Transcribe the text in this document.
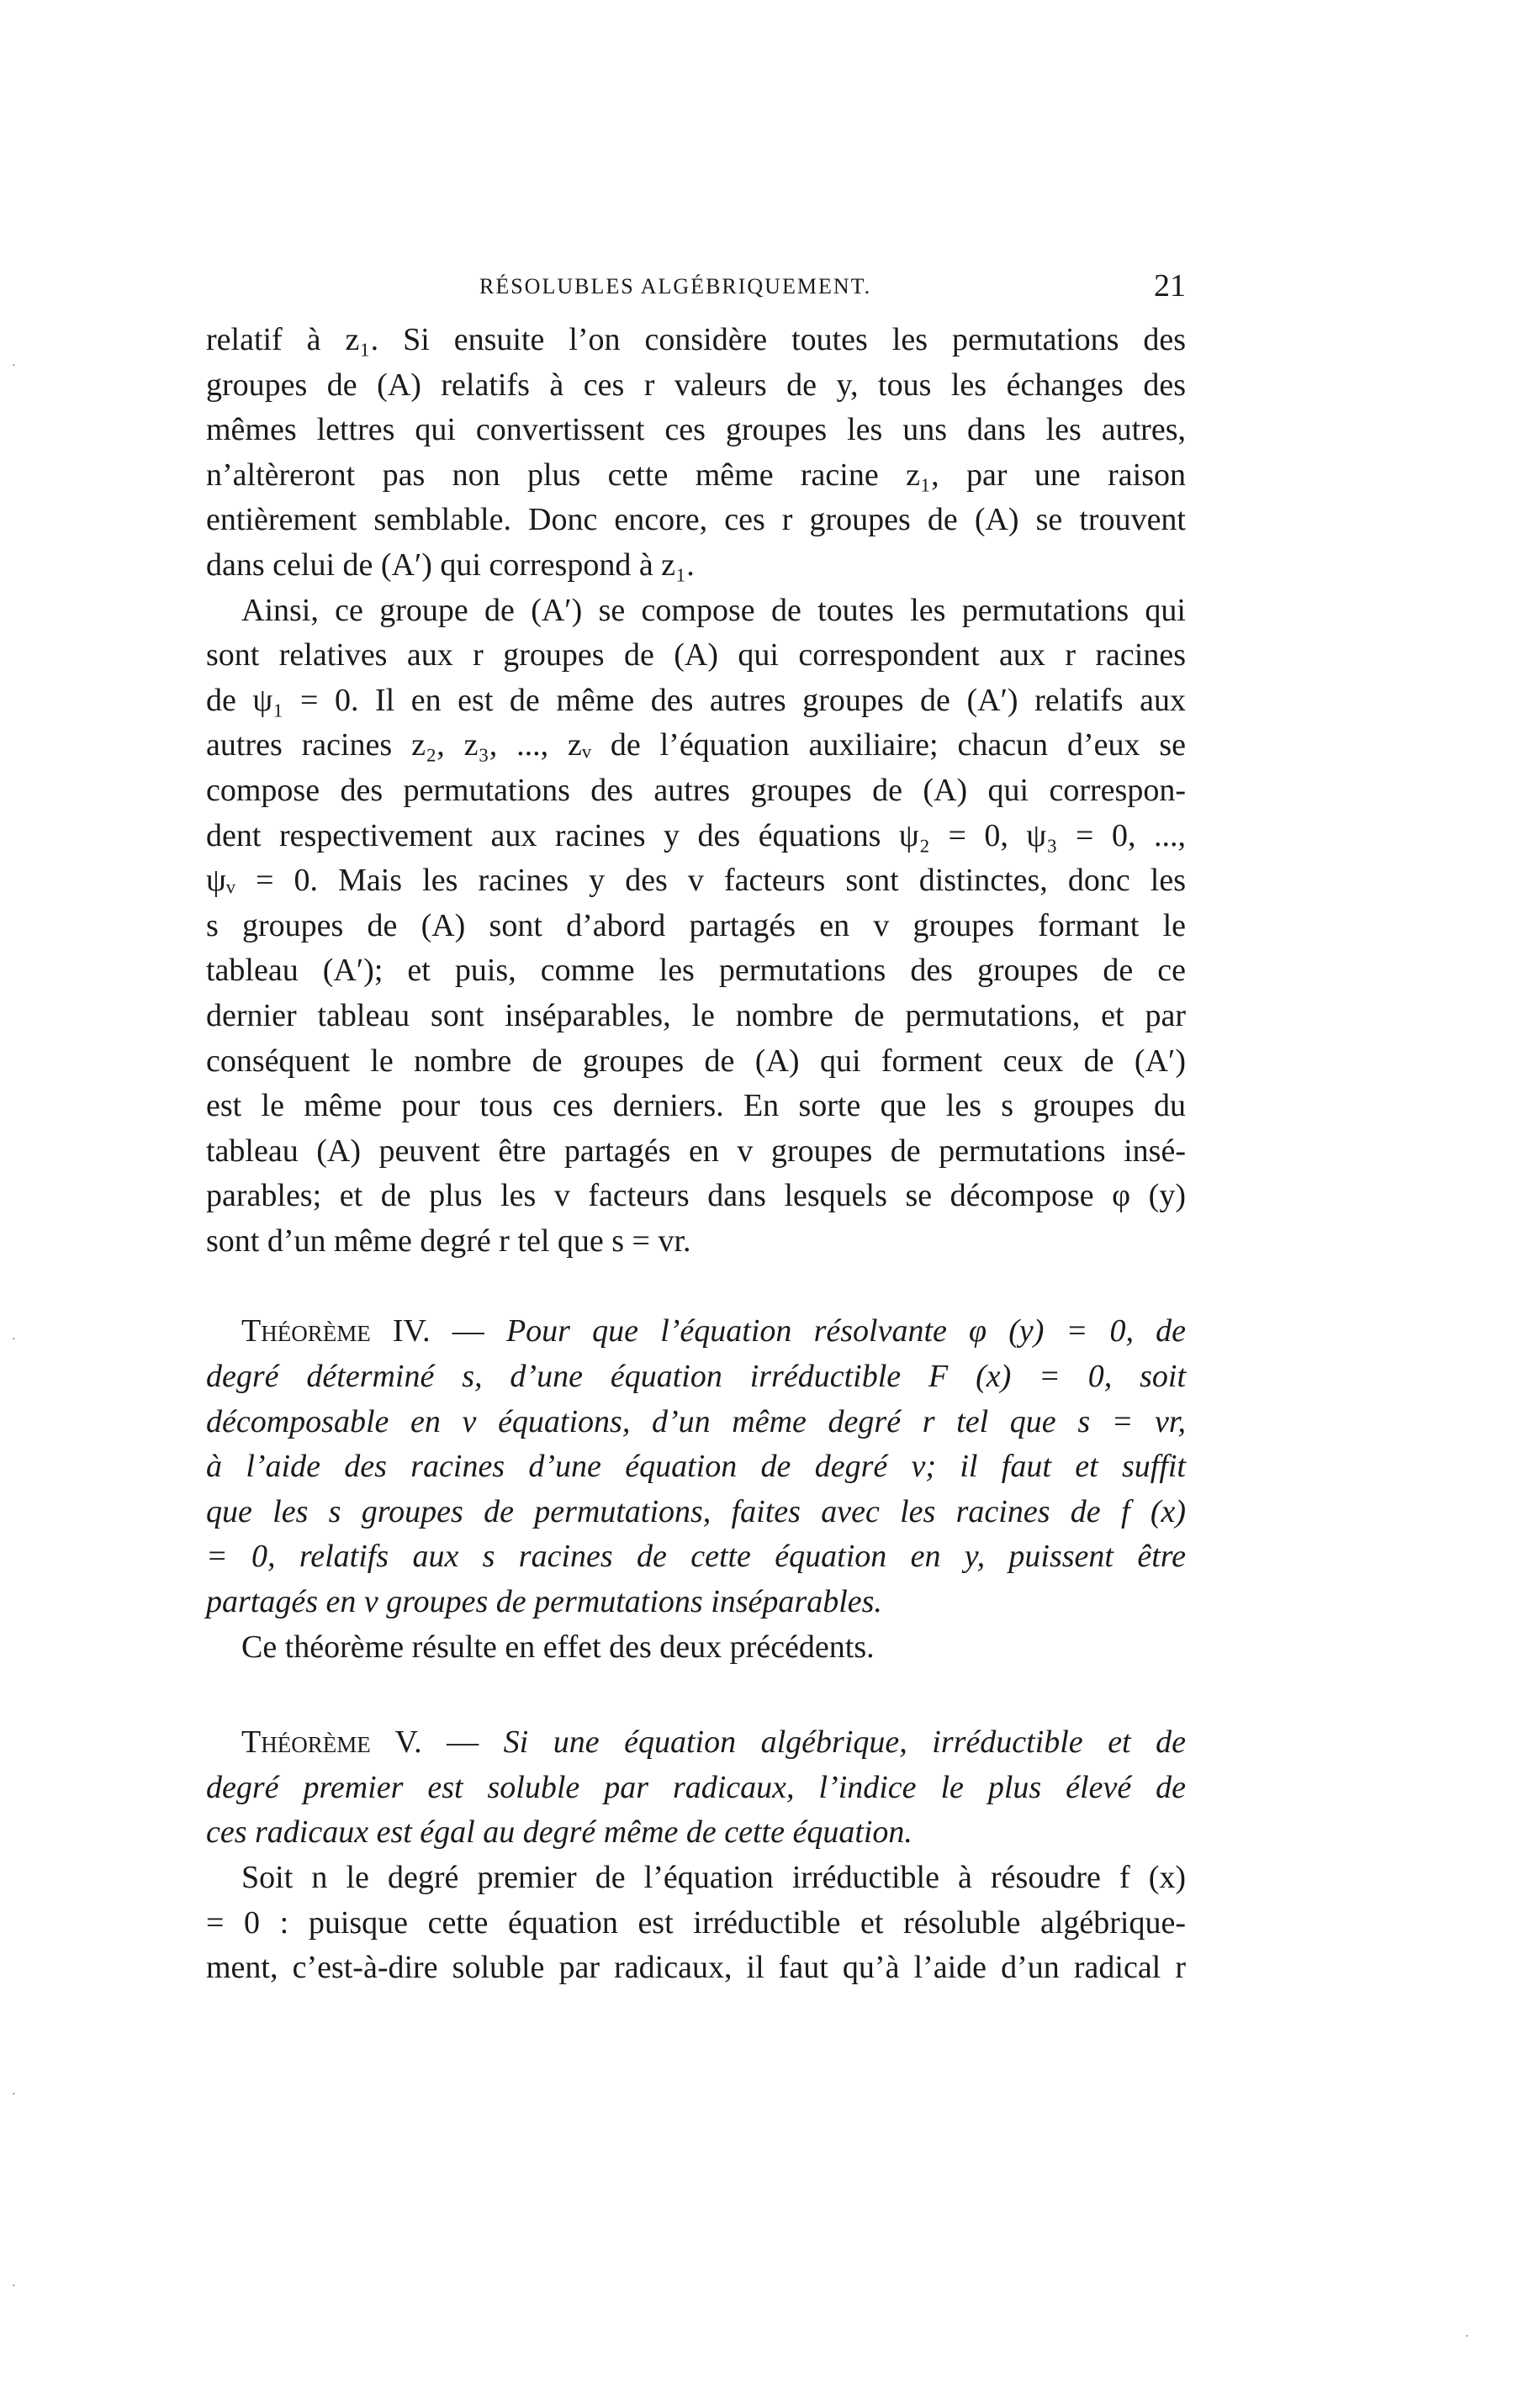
RÉSOLUBLES ALGÉBRIQUEMENT.	21
relatif à z₁. Si ensuite l’on considère toutes les permutations des
groupes de (A) relatifs à ces r valeurs de y, tous les échanges des
mêmes lettres qui convertissent ces groupes les uns dans les autres,
n’altèreront pas non plus cette même racine z₁, par une raison
entièrement semblable. Donc encore, ces r groupes de (A) se trouvent
dans celui de (A′) qui correspond à z₁.
Ainsi, ce groupe de (A′) se compose de toutes les permutations qui
sont relatives aux r groupes de (A) qui correspondent aux r racines
de ψ₁ = 0. Il en est de même des autres groupes de (A′) relatifs aux
autres racines z₂, z₃, ..., zᵥ de l’équation auxiliaire; chacun d’eux se
compose des permutations des autres groupes de (A) qui correspon-
dent respectivement aux racines y des équations ψ₂ = 0, ψ₃ = 0, ...,
ψᵥ = 0. Mais les racines y des v facteurs sont distinctes, donc les
s groupes de (A) sont d’abord partagés en v groupes formant le
tableau (A′); et puis, comme les permutations des groupes de ce
dernier tableau sont inséparables, le nombre de permutations, et par
conséquent le nombre de groupes de (A) qui forment ceux de (A′)
est le même pour tous ces derniers. En sorte que les s groupes du
tableau (A) peuvent être partagés en v groupes de permutations insé-
parables; et de plus les v facteurs dans lesquels se décompose φ (y)
sont d’un même degré r tel que s = vr.
Théorème IV. — Pour que l’équation résolvante φ (y) = 0, de
degré déterminé s, d’une équation irréductible F (x) = 0, soit
décomposable en v équations, d’un même degré r tel que s = vr,
à l’aide des racines d’une équation de degré v; il faut et suffit
que les s groupes de permutations, faites avec les racines de f (x)
= 0, relatifs aux s racines de cette équation en y, puissent être
partagés en v groupes de permutations inséparables.
Ce théorème résulte en effet des deux précédents.
Théorème V. — Si une équation algébrique, irréductible et de
degré premier est soluble par radicaux, l’indice le plus élevé de
ces radicaux est égal au degré même de cette équation.
Soit n le degré premier de l’équation irréductible à résoudre f (x)
= 0 : puisque cette équation est irréductible et résoluble algébrique-
ment, c’est-à-dire soluble par radicaux, il faut qu’à l’aide d’un radical r
·
·
·
·
·
